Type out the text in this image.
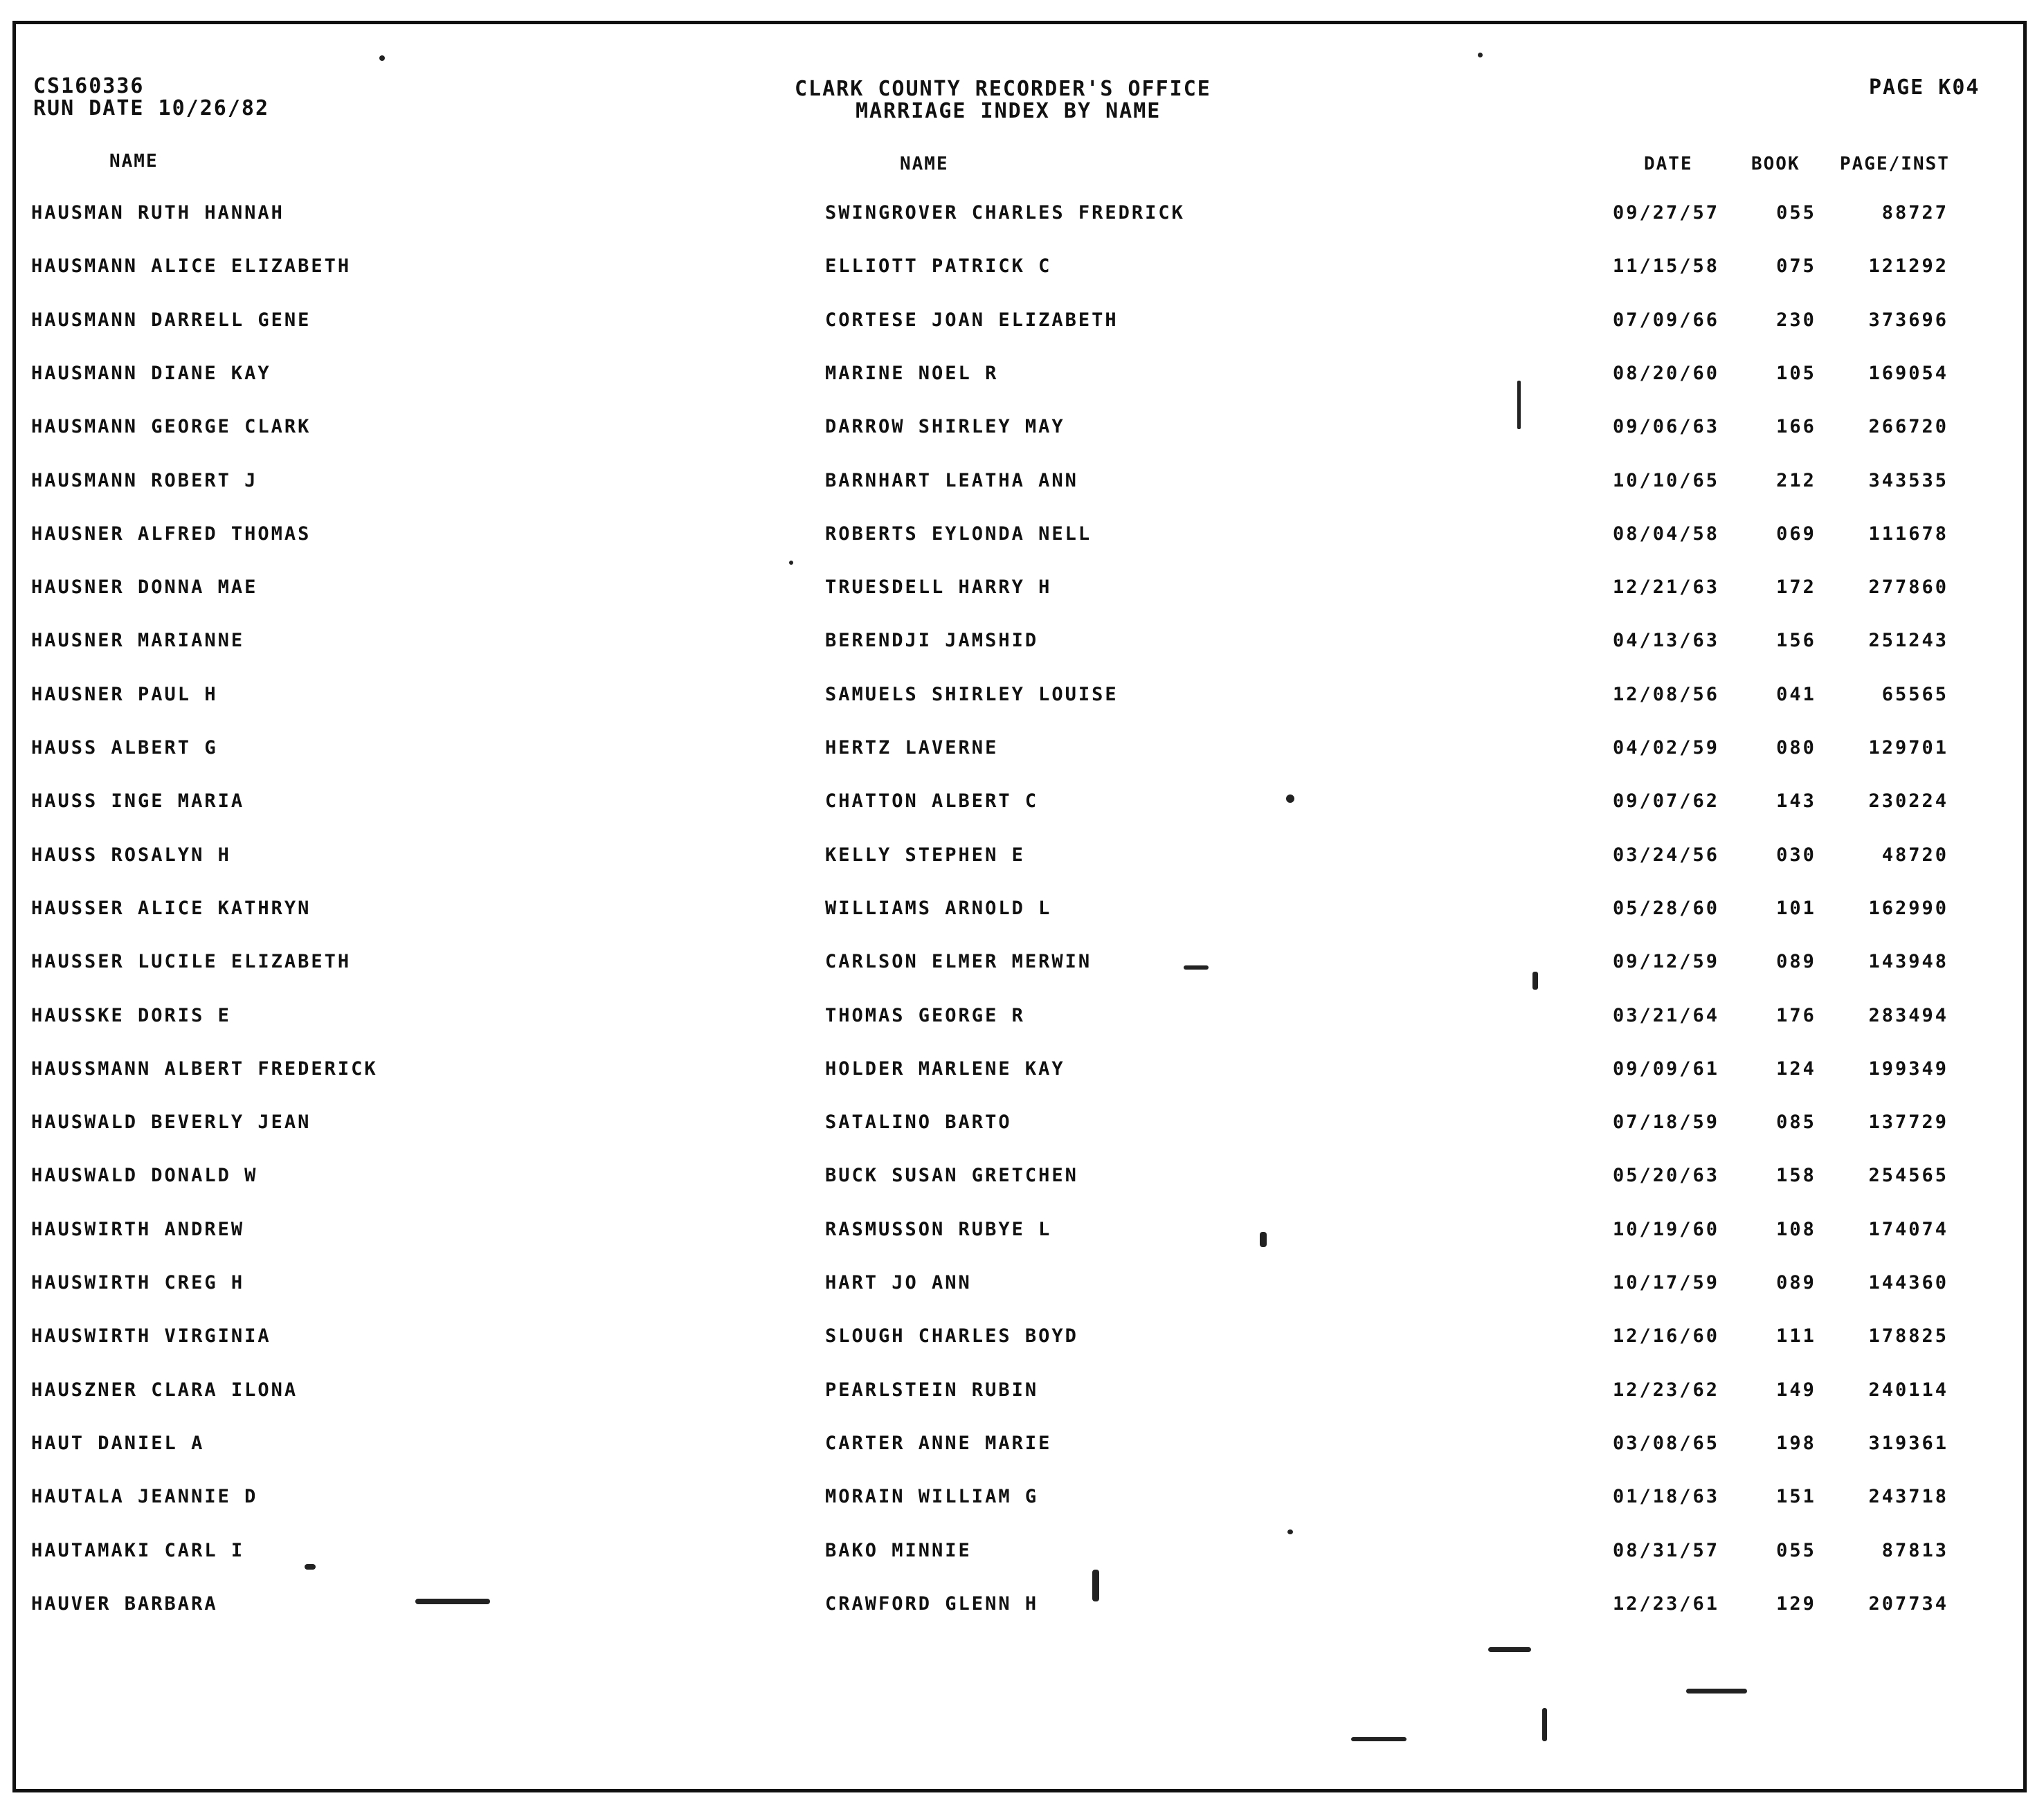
CS160336
RUN DATE 10/26/82
CLARK COUNTY RECORDER'S OFFICE
MARRIAGE INDEX BY NAME
PAGE K04
NAME	NAME	DATE	BOOK PAGE/INST
HAUSMAN RUTH HANNAH	SWINGROVER CHARLES FREDRICK	09/27/57	055	88727
HAUSMANN ALICE ELIZABETH	ELLIOTT PATRICK C	11/15/58	075	121292
HAUSMANN DARRELL GENE	CORTESE JOAN ELIZABETH	07/09/66	230	373696
HAUSMANN DIANE KAY	MARINE NOEL R	08/20/60	105	169054
HAUSMANN GEORGE CLARK	DARROW SHIRLEY MAY	09/06/63	166	266720
HAUSMANN ROBERT J	BARNHART LEATHA ANN	10/10/65	212	343535
HAUSNER ALFRED THOMAS	ROBERTS EYLONDA NELL	08/04/58	069	111678
HAUSNER DONNA MAE	TRUESDELL HARRY H	12/21/63	172	277860
HAUSNER MARIANNE	BERENDJI JAMSHID	04/13/63	156	251243
HAUSNER PAUL H	SAMUELS SHIRLEY LOUISE	12/08/56	041	65565
HAUSS ALBERT G	HERTZ LAVERNE	04/02/59	080	129701
HAUSS INGE MARIA	CHATTON ALBERT C	09/07/62	143	230224
HAUSS ROSALYN H	KELLY STEPHEN E	03/24/56	030	48720
HAUSSER ALICE KATHRYN	WILLIAMS ARNOLD L	05/28/60	101	162990
HAUSSER LUCILE ELIZABETH	CARLSON ELMER MERWIN	09/12/59	089	143948
HAUSSKE DORIS E	THOMAS GEORGE R	03/21/64	176	283494
HAUSSMANN ALBERT FREDERICK	HOLDER MARLENE KAY	09/09/61	124	199349
HAUSWALD BEVERLY JEAN	SATALINO BARTO	07/18/59	085	137729
HAUSWALD DONALD W	BUCK SUSAN GRETCHEN	05/20/63	158	254565
HAUSWIRTH ANDREW	RASMUSSON RUBYE L	10/19/60	108	174074
HAUSWIRTH CREG H	HART JO ANN	10/17/59	089	144360
HAUSWIRTH VIRGINIA	SLOUGH CHARLES BOYD	12/16/60	111	178825
HAUSZNER CLARA ILONA	PEARLSTEIN RUBIN	12/23/62	149	240114
HAUT DANIEL A	CARTER ANNE MARIE	03/08/65	198	319361
HAUTALA JEANNIE D	MORAIN WILLIAM G	01/18/63	151	243718
HAUTAMAKI CARL I	BAKO MINNIE	08/31/57	055	87813
HAUVER BARBARA	CRAWFORD GLENN H	12/23/61	129	207734
